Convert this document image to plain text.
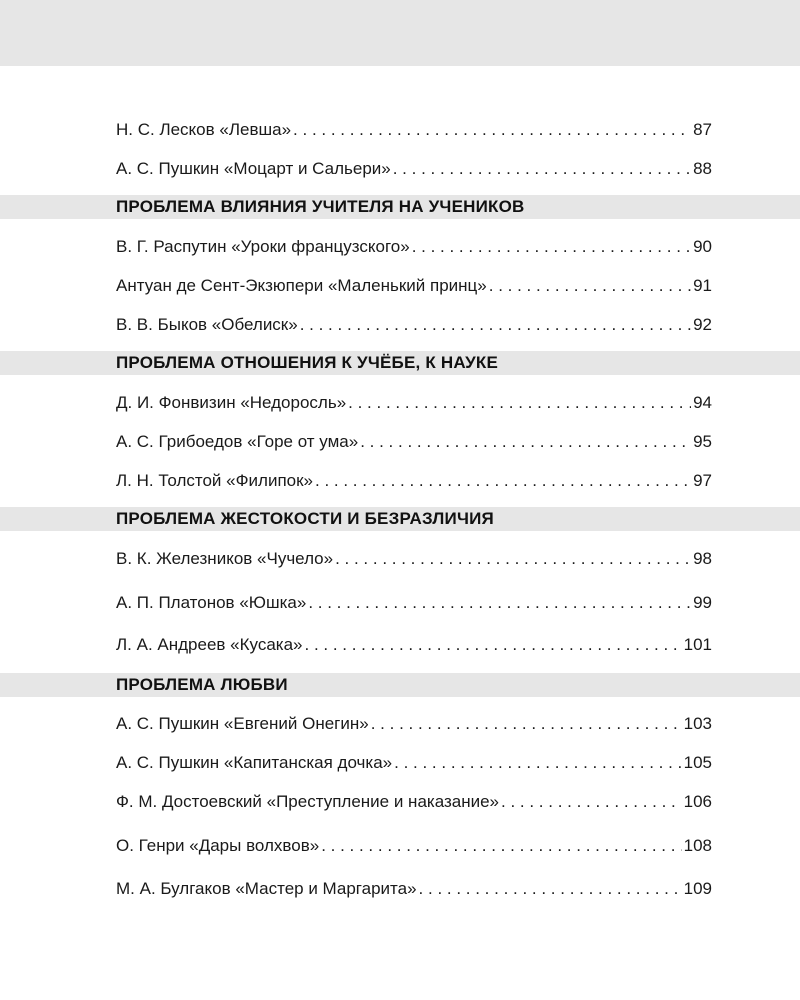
Н. С. Лесков «Левша» . . .	87
А. С. Пушкин «Моцарт и Сальери» . . .	88
ПРОБЛЕМА ВЛИЯНИЯ УЧИТЕЛЯ НА УЧЕНИКОВ
В. Г. Распутин «Уроки французского» . . .	90
Антуан де Сент-Экзюпери «Маленький принц» . . .	91
В. В. Быков «Обелиск» . . .	92
ПРОБЛЕМА ОТНОШЕНИЯ К УЧЁБЕ, К НАУКЕ
Д. И. Фонвизин «Недоросль» . . .	94
А. С. Грибоедов «Горе от ума» . . .	95
Л. Н. Толстой «Филипок» . . .	97
ПРОБЛЕМА ЖЕСТОКОСТИ И БЕЗРАЗЛИЧИЯ
В. К. Железников «Чучело» . . .	98
А. П. Платонов «Юшка» . . .	99
Л. А. Андреев «Кусака» . . .	101
ПРОБЛЕМА ЛЮБВИ
А. С. Пушкин «Евгений Онегин» . . .	103
А. С. Пушкин «Капитанская дочка» . . .	105
Ф. М. Достоевский «Преступление и наказание» . . .	106
О. Генри «Дары волхвов» . . .	108
М. А. Булгаков «Мастер и Маргарита» . . .	109
